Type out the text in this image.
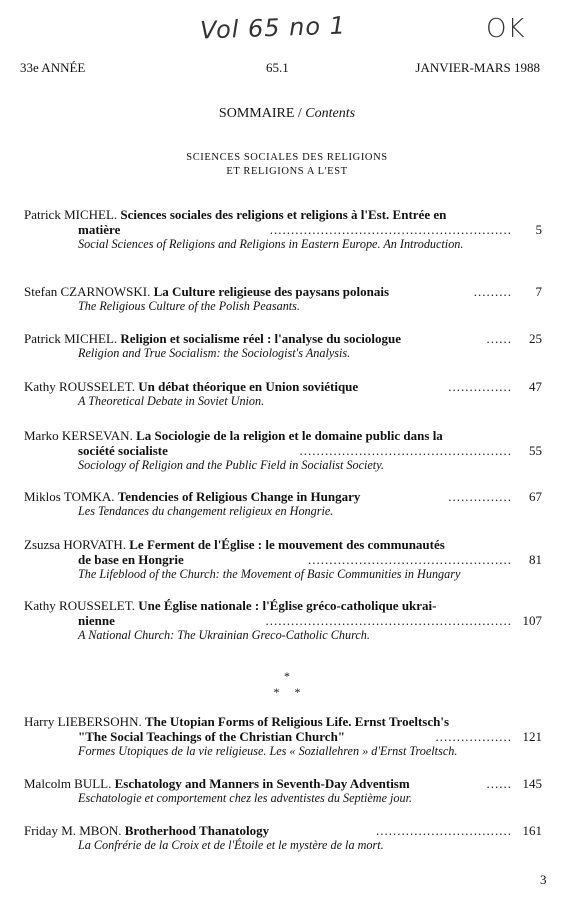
Vol 65 no 1	OK
33e ANNÉE	65.1	JANVIER-MARS 1988
SOMMAIRE / Contents
SCIENCES SOCIALES DES RELIGIONS
ET RELIGIONS A L'EST
Patrick MICHEL. Sciences sociales des religions et religions à l'Est. Entrée en
matière	......................................................... 5
Social Sciences of Religions and Religions in Eastern Europe. An Introduction.
Stefan CZARNOWSKI. La Culture religieuse des paysans polonais	......... 7
The Religious Culture of the Polish Peasants.
Patrick MICHEL. Religion et socialisme réel : l'analyse du sociologue	...... 25
Religion and True Socialism: the Sociologist's Analysis.
Kathy ROUSSELET. Un débat théorique en Union soviétique	............... 47
A Theoretical Debate in Soviet Union.
Marko KERSEVAN. La Sociologie de la religion et le domaine public dans la
société socialiste	.................................................. 55
Sociology of Religion and the Public Field in Socialist Society.
Miklos TOMKA. Tendencies of Religious Change in Hungary	............... 67
Les Tendances du changement religieux en Hongrie.
Zsuzsa HORVATH. Le Ferment de l'Église : le mouvement des communautés
de base en Hongrie	................................................ 81
The Lifeblood of the Church: the Movement of Basic Communities in Hungary
Kathy ROUSSELET. Une Église nationale : l'Église gréco-catholique ukrai-
nienne	.......................................................... 107
A National Church: The Ukrainian Greco-Catholic Church.
*
*     *
Harry LIEBERSOHN. The Utopian Forms of Religious Life. Ernst Troeltsch's
"The Social Teachings of the Christian Church"	.................. 121
Formes Utopiques de la vie religieuse. Les « Soziallehren » d'Ernst Troeltsch.
Malcolm BULL. Eschatology and Manners in Seventh-Day Adventism	...... 145
Eschatologie et comportement chez les adventistes du Septième jour.
Friday M. MBON. Brotherhood Thanatology	................................ 161
La Confrérie de la Croix et de l'Étoile et le mystère de la mort.
3
